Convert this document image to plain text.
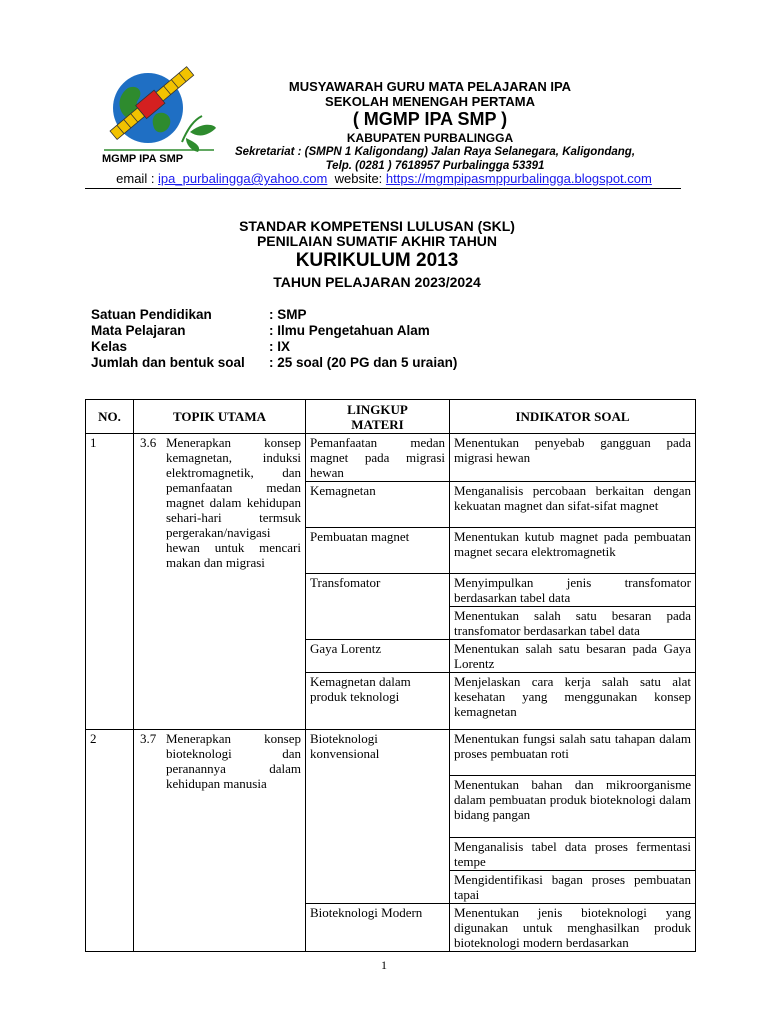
MGMP IPA SMP
MUSYAWARAH GURU MATA PELAJARAN IPA
SEKOLAH MENENGAH PERTAMA
( MGMP IPA SMP )
KABUPATEN PURBALINGGA
Sekretariat : (SMPN 1 Kaligondang) Jalan Raya Selanegara, Kaligondang,
Telp. (0281 ) 7618957 Purbalingga 53391
email : ipa_purbalingga@yahoo.com website: https://mgmpipasmppurbalingga.blogspot.com
STANDAR KOMPETENSI LULUSAN (SKL)
PENILAIAN SUMATIF AKHIR TAHUN
KURIKULUM 2013
TAHUN PELAJARAN 2023/2024
Satuan Pendidikan	: SMP
Mata Pelajaran	: Ilmu Pengetahuan Alam
Kelas	: IX
Jumlah dan bentuk soal	: 25 soal (20 PG dan 5 uraian)
NO.	TOPIK UTAMA	LINGKUP MATERI	INDIKATOR SOAL
1	3.6 Menerapkan konsep kemagnetan, induksi elektromagnetik, dan pemanfaatan medan magnet dalam kehidupan sehari-hari termsuk pergerakan/navigasi hewan untuk mencari makan dan migrasi	Pemanfaatan medan magnet pada migrasi hewan	Menentukan penyebab gangguan pada migrasi hewan
		Kemagnetan	Menganalisis percobaan berkaitan dengan kekuatan magnet dan sifat-sifat magnet
		Pembuatan magnet	Menentukan kutub magnet pada pembuatan magnet secara elektromagnetik
		Transfomator	Menyimpulkan jenis transfomator berdasarkan tabel data
			Menentukan salah satu besaran pada transfomator berdasarkan tabel data
		Gaya Lorentz	Menentukan salah satu besaran pada Gaya Lorentz
		Kemagnetan dalam produk teknologi	Menjelaskan cara kerja salah satu alat kesehatan yang menggunakan konsep kemagnetan

2	3.7 Menerapkan konsep bioteknologi dan peranannya dalam kehidupan manusia	Bioteknologi konvensional	Menentukan fungsi salah satu tahapan dalam proses pembuatan roti
			Menentukan bahan dan mikroorganisme dalam pembuatan produk bioteknologi dalam bidang pangan
			Menganalisis tabel data proses fermentasi tempe
			Mengidentifikasi bagan proses pembuatan tapai
		Bioteknologi Modern	Menentukan jenis bioteknologi yang digunakan untuk menghasilkan produk bioteknologi modern berdasarkan
1
